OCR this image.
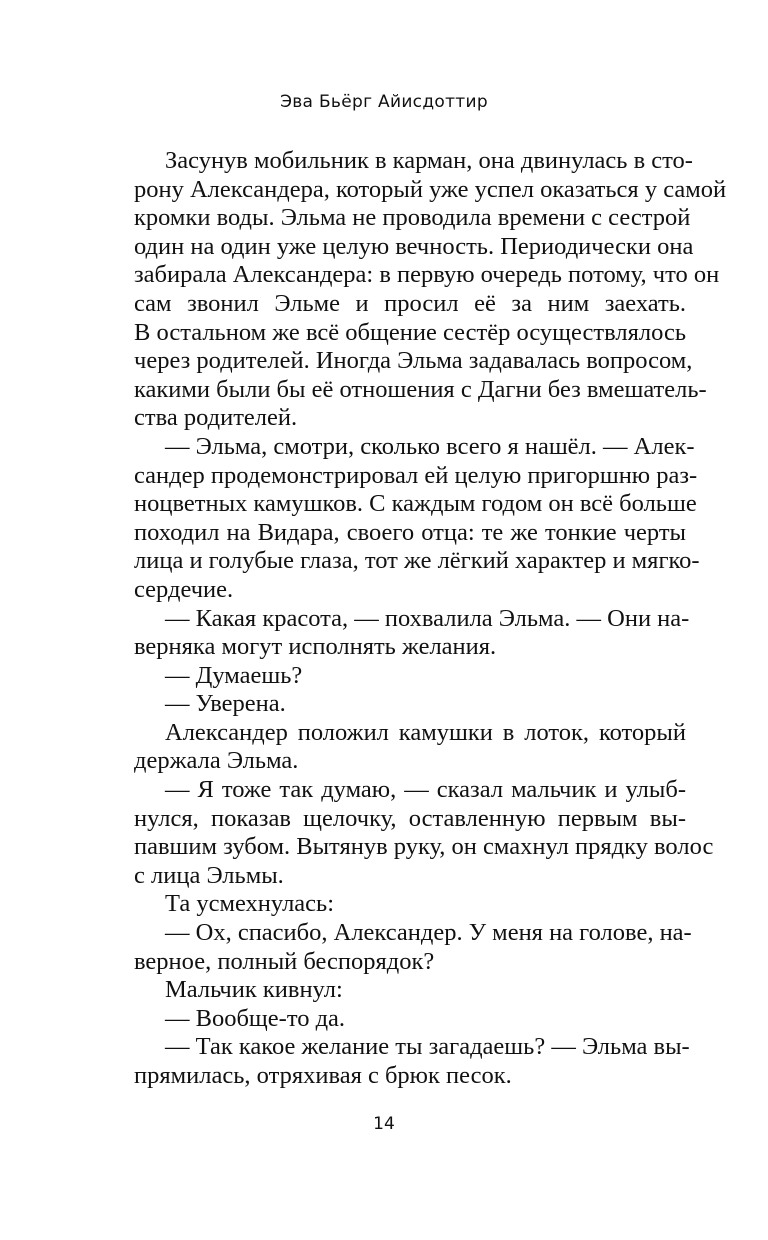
Эва Бьёрг Айисдоттир
Засунув мобильник в карман, она двинулась в сто-
рону Александера, который уже успел оказаться у самой
кромки воды. Эльма не проводила времени с сестрой
один на один уже целую вечность. Периодически она
забирала Александера: в первую очередь потому, что он
сам звонил Эльме и просил её за ним заехать.
В остальном же всё общение сестёр осуществлялось
через родителей. Иногда Эльма задавалась вопросом,
какими были бы её отношения с Дагни без вмешатель-
ства родителей.
— Эльма, смотри, сколько всего я нашёл. — Алек-
сандер продемонстрировал ей целую пригоршню раз-
ноцветных камушков. С каждым годом он всё больше
походил на Видара, своего отца: те же тонкие черты
лица и голубые глаза, тот же лёгкий характер и мягко-
сердечие.
— Какая красота, — похвалила Эльма. — Они на-
верняка могут исполнять желания.
— Думаешь?
— Уверена.
Александер положил камушки в лоток, который
держала Эльма.
— Я тоже так думаю, — сказал мальчик и улыб-
нулся, показав щелочку, оставленную первым вы-
павшим зубом. Вытянув руку, он смахнул прядку волос
с лица Эльмы.
Та усмехнулась:
— Ох, спасибо, Александер. У меня на голове, на-
верное, полный беспорядок?
Мальчик кивнул:
— Вообще-то да.
— Так какое желание ты загадаешь? — Эльма вы-
прямилась, отряхивая с брюк песок.
14
